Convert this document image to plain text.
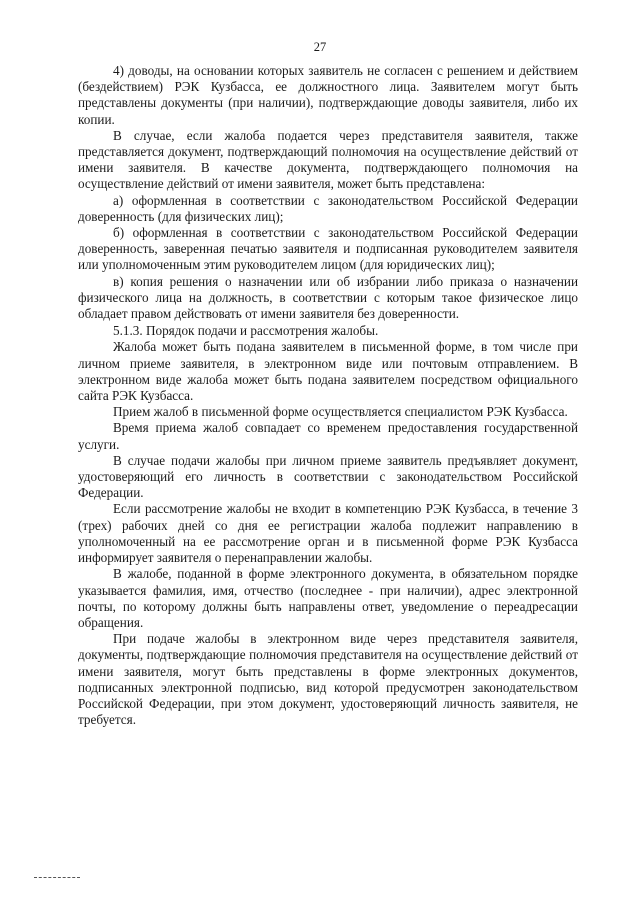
27

4) доводы, на основании которых заявитель не согласен с решением и действием (бездействием) РЭК Кузбасса, ее должностного лица. Заявителем могут быть представлены документы (при наличии), подтверждающие доводы заявителя, либо их копии.

В случае, если жалоба подается через представителя заявителя, также представляется документ, подтверждающий полномочия на осуществление действий от имени заявителя. В качестве документа, подтверждающего полномочия на осуществление действий от имени заявителя, может быть представлена:

а) оформленная в соответствии с законодательством Российской Федерации доверенность (для физических лиц);

б) оформленная в соответствии с законодательством Российской Федерации доверенность, заверенная печатью заявителя и подписанная руководителем заявителя или уполномоченным этим руководителем лицом (для юридических лиц);

в) копия решения о назначении или об избрании либо приказа о назначении физического лица на должность, в соответствии с которым такое физическое лицо обладает правом действовать от имени заявителя без доверенности.

5.1.3. Порядок подачи и рассмотрения жалобы.

Жалоба может быть подана заявителем в письменной форме, в том числе при личном приеме заявителя, в электронном виде или почтовым отправлением. В электронном виде жалоба может быть подана заявителем посредством официального сайта РЭК Кузбасса.

Прием жалоб в письменной форме осуществляется специалистом РЭК Кузбасса.

Время приема жалоб совпадает со временем предоставления государственной услуги.

В случае подачи жалобы при личном приеме заявитель предъявляет документ, удостоверяющий его личность в соответствии с законодательством Российской Федерации.

Если рассмотрение жалобы не входит в компетенцию РЭК Кузбасса, в течение 3 (трех) рабочих дней со дня ее регистрации жалоба подлежит направлению в уполномоченный на ее рассмотрение орган и в письменной форме РЭК Кузбасса информирует заявителя о перенаправлении жалобы.

В жалобе, поданной в форме электронного документа, в обязательном порядке указывается фамилия, имя, отчество (последнее - при наличии), адрес электронной почты, по которому должны быть направлены ответ, уведомление о переадресации обращения.

При подаче жалобы в электронном виде через представителя заявителя, документы, подтверждающие полномочия представителя на осуществление действий от имени заявителя, могут быть представлены в форме электронных документов, подписанных электронной подписью, вид которой предусмотрен законодательством Российской Федерации, при этом документ, удостоверяющий личность заявителя, не требуется.
